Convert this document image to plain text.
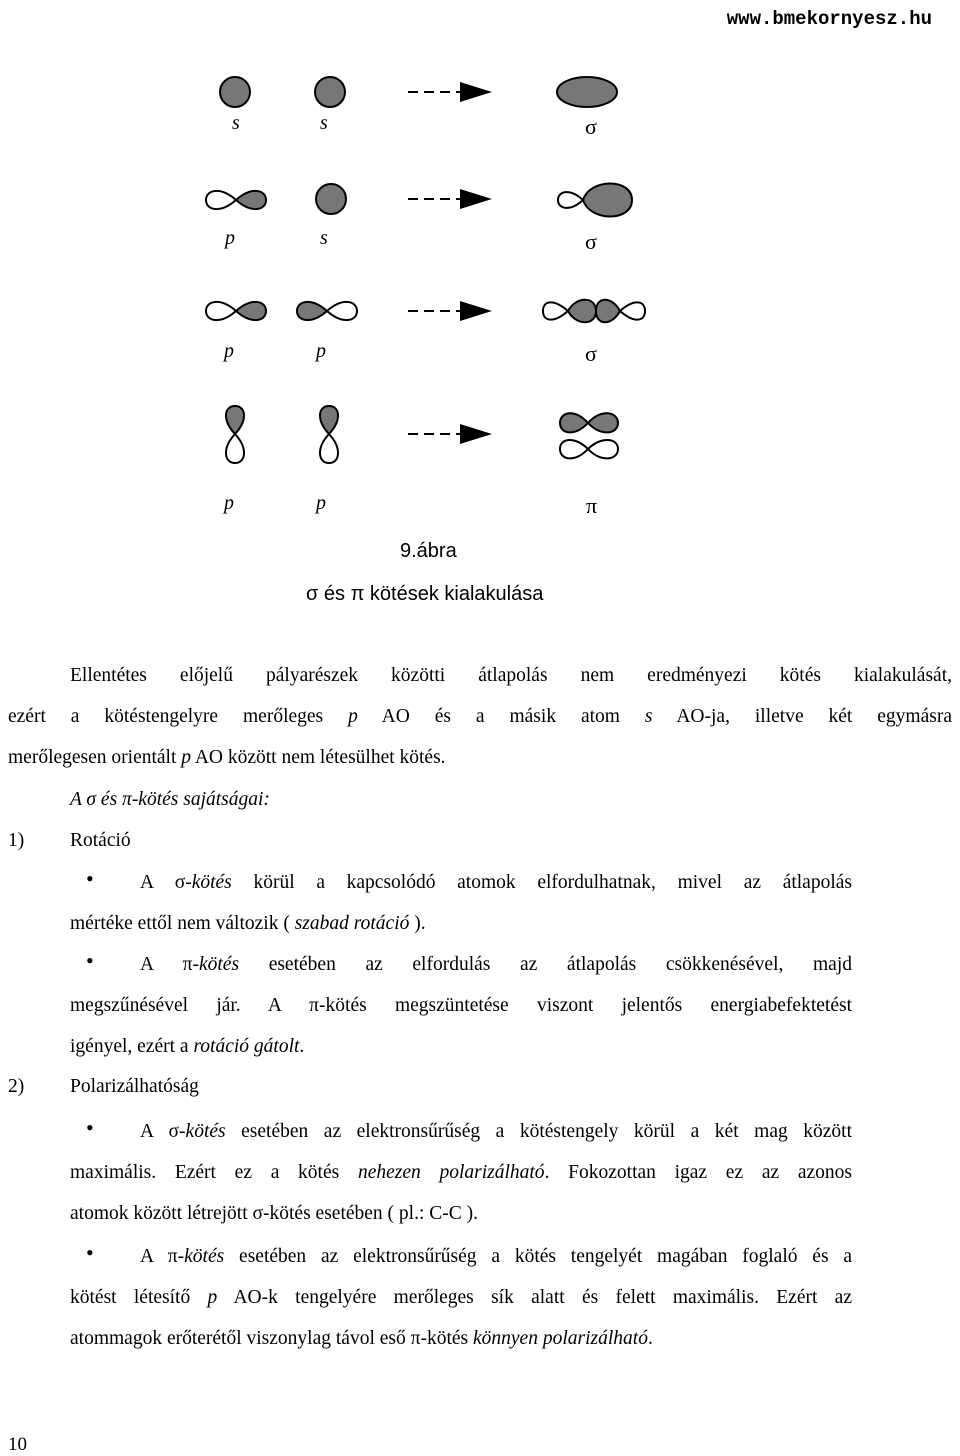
www.bmekornyesz.hu
s	s	σ
p	s	σ
p	p	σ
p	p	π
9.ábra
σ és π kötések kialakulása
Ellentétes előjelű pályarészek közötti átlapolás nem eredményezi kötés kialakulását,
ezért a kötéstengelyre merőleges p AO és a másik atom s AO-ja, illetve két egymásra
merőlegesen orientált p AO között nem létesülhet kötés.
A σ és π-kötés sajátságai:
1) Rotáció
•	A σ-kötés körül a kapcsolódó atomok elfordulhatnak, mivel az átlapolás
mértéke ettől nem változik ( szabad rotáció ).
•	A π-kötés esetében az elfordulás az átlapolás csökkenésével, majd
megszűnésével jár. A π-kötés megszüntetése viszont jelentős energiabefektetést
igényel, ezért a rotáció gátolt.
2) Polarizálhatóság
•	A σ-kötés esetében az elektronsűrűség a kötéstengely körül a két mag között
maximális. Ezért ez a kötés nehezen polarizálható. Fokozottan igaz ez az azonos
atomok között létrejött σ-kötés esetében ( pl.: C-C ).
•	A π-kötés esetében az elektronsűrűség a kötés tengelyét magában foglaló és a
kötést létesítő p AO-k tengelyére merőleges sík alatt és felett maximális. Ezért az
atommagok erőterétől viszonylag távol eső π-kötés könnyen polarizálható.
10
